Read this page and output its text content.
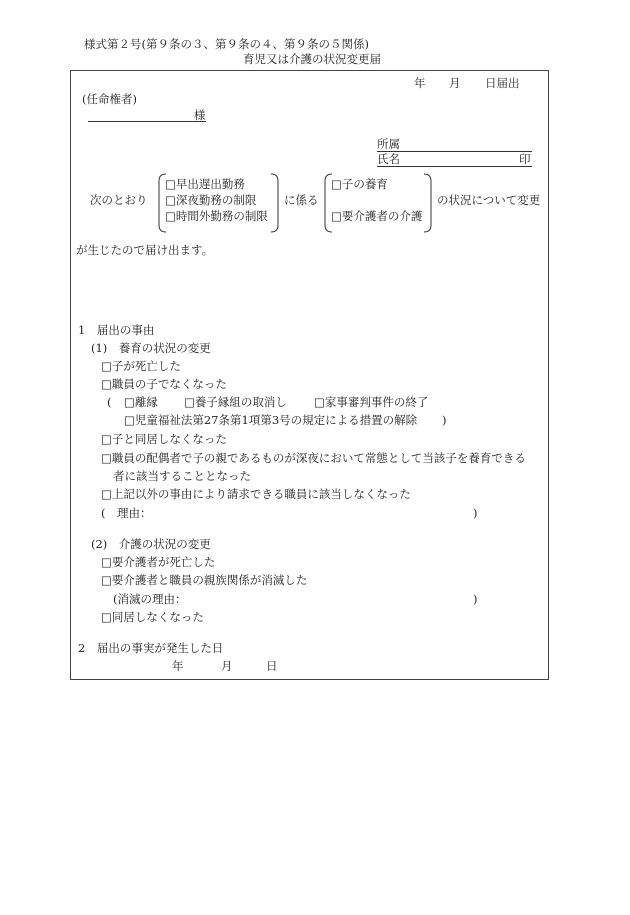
様式第２号(第９条の３、第９条の４、第９条の５関係)
育児又は介護の状況変更届
年 月 日届出
(任命権者)
様
所属
氏名	印
次のとおり
□早出遅出勤務
□深夜勤務の制限
□時間外勤務の制限
に係る
□子の養育
□要介護者の介護
の状況について変更
が生じたので届け出ます。
1　届出の事由
(1)　養育の状況の変更
□子が死亡した
□職員の子でなくなった
( □離縁 □養子縁組の取消し □家事審判事件の終了
□児童福祉法第27条第1項第3号の規定による措置の解除 )
□子と同居しなくなった
□職員の配偶者で子の親であるものが深夜において常態として当該子を養育できる
者に該当することとなった
□上記以外の事由により請求できる職員に該当しなくなった
(　理由：	)
(2)　介護の状況の変更
□要介護者が死亡した
□要介護者と職員の親族関係が消滅した
(消滅の理由：	)
□同居しなくなった
2　届出の事実が発生した日
年	月	日
